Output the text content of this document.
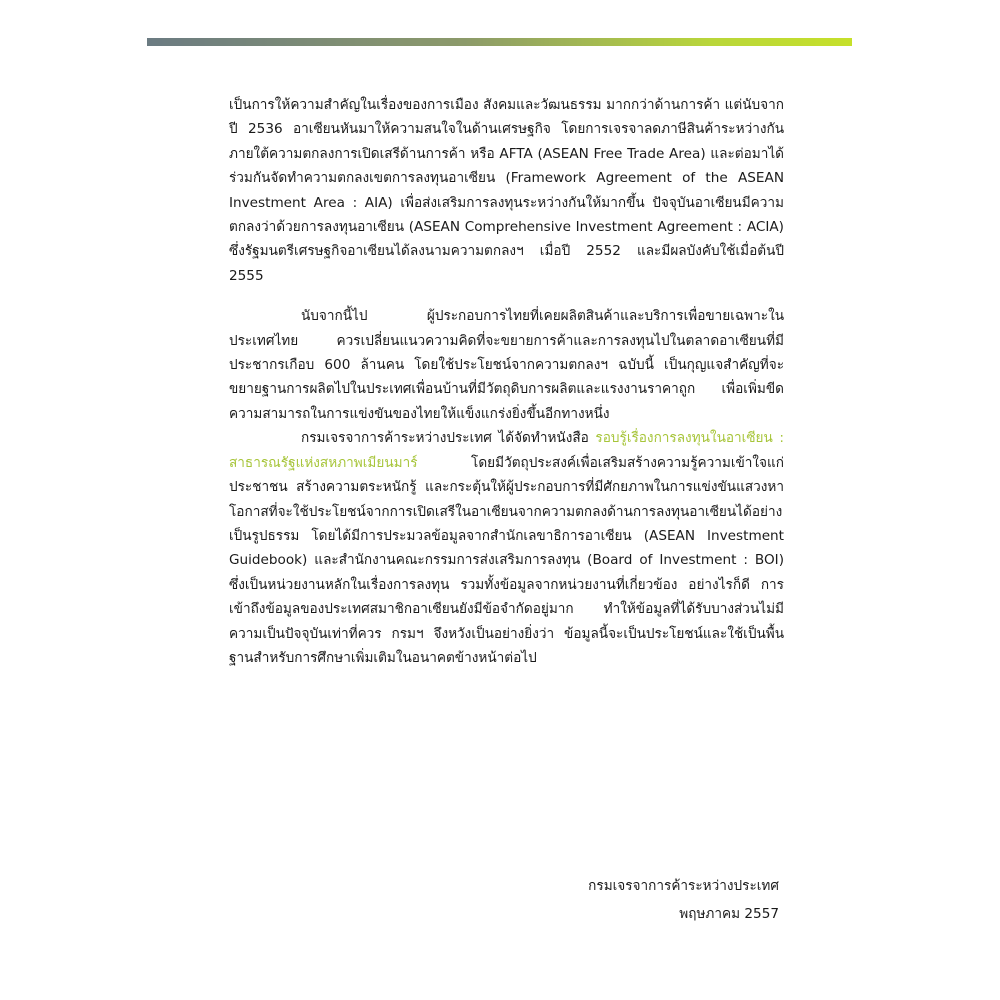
เป็นการให้ความสำคัญในเรื่องของการเมือง สังคมและวัฒนธรรม มากกว่าด้านการค้า แต่นับจากปี 2536 อาเซียนหันมาให้ความสนใจในด้านเศรษฐกิจ โดยการเจรจาลดภาษีสินค้าระหว่างกันภายใต้ความตกลงการเปิดเสรีด้านการค้า หรือ AFTA (ASEAN Free Trade Area) และต่อมาได้ร่วมกันจัดทำความตกลงเขตการลงทุนอาเซียน (Framework Agreement of the ASEAN Investment Area : AIA) เพื่อส่งเสริมการลงทุนระหว่างกันให้มากขึ้น ปัจจุบันอาเซียนมีความตกลงว่าด้วยการลงทุนอาเซียน (ASEAN Comprehensive Investment Agreement : ACIA) ซึ่งรัฐมนตรีเศรษฐกิจอาเซียนได้ลงนามความตกลงฯ เมื่อปี 2552 และมีผลบังคับใช้เมื่อต้นปี 2555

นับจากนี้ไป ผู้ประกอบการไทยที่เคยผลิตสินค้าและบริการเพื่อขายเฉพาะในประเทศไทย ควรเปลี่ยนแนวความคิดที่จะขยายการค้าและการลงทุนไปในตลาดอาเซียนที่มีประชากรเกือบ 600 ล้านคน โดยใช้ประโยชน์จากความตกลงฯ ฉบับนี้ เป็นกุญแจสำคัญที่จะขยายฐานการผลิตไปในประเทศเพื่อนบ้านที่มีวัตถุดิบการผลิตและแรงงานราคาถูก เพื่อเพิ่มขีดความสามารถในการแข่งขันของไทยให้แข็งแกร่งยิ่งขึ้นอีกทางหนึ่ง

กรมเจรจาการค้าระหว่างประเทศ ได้จัดทำหนังสือ รอบรู้เรื่องการลงทุนในอาเซียน : สาธารณรัฐแห่งสหภาพเมียนมาร์ โดยมีวัตถุประสงค์เพื่อเสริมสร้างความรู้ความเข้าใจแก่ประชาชน สร้างความตระหนักรู้ และกระตุ้นให้ผู้ประกอบการที่มีศักยภาพในการแข่งขันแสวงหาโอกาสที่จะใช้ประโยชน์จากการเปิดเสรีในอาเซียนจากความตกลงด้านการลงทุนอาเซียนได้อย่างเป็นรูปธรรม โดยได้มีการประมวลข้อมูลจากสำนักเลขาธิการอาเซียน (ASEAN Investment Guidebook) และสำนักงานคณะกรรมการส่งเสริมการลงทุน (Board of Investment : BOI) ซึ่งเป็นหน่วยงานหลักในเรื่องการลงทุน รวมทั้งข้อมูลจากหน่วยงานที่เกี่ยวข้อง อย่างไรก็ดี การเข้าถึงข้อมูลของประเทศสมาชิกอาเซียนยังมีข้อจำกัดอยู่มาก ทำให้ข้อมูลที่ได้รับบางส่วนไม่มีความเป็นปัจจุบันเท่าที่ควร กรมฯ จึงหวังเป็นอย่างยิ่งว่า ข้อมูลนี้จะเป็นประโยชน์และใช้เป็นพื้นฐานสำหรับการศึกษาเพิ่มเติมในอนาคตข้างหน้าต่อไป

กรมเจรจาการค้าระหว่างประเทศ
พฤษภาคม 2557
